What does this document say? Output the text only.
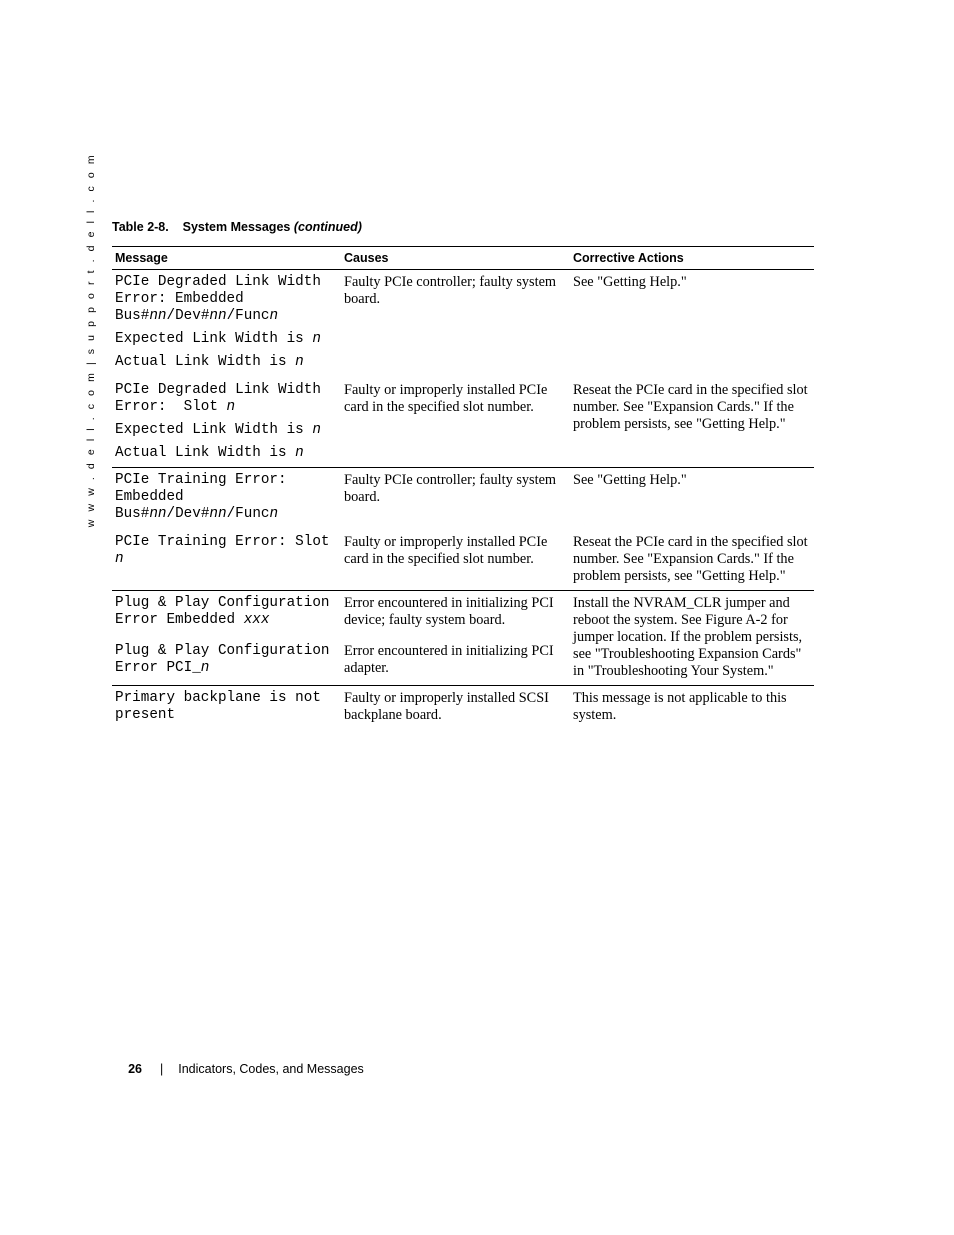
w w w . d e l l . c o m | s u p p o r t . d e l l . c o m Table 2-8. System Messages (continued)
Message	Causes	Corrective Actions

PCIe Degraded Link Width Error: Embedded Bus#nn/Dev#nn/Funcn

Expected Link Width is n

Actual Link Width is n	Faulty PCIe controller; faulty system board.	See "Getting Help."

PCIe Degraded Link Width Error:  Slot n

Expected Link Width is n

Actual Link Width is n	Faulty or improperly installed PCIe card in the specified slot number.	Reseat the PCIe card in the specified slot number. See "Expansion Cards." If the problem persists, see "Getting Help."

PCIe Training Error: Embedded Bus#nn/Dev#nn/Funcn	Faulty PCIe controller; faulty system board.	See "Getting Help."

PCIe Training Error: Slot n	Faulty or improperly installed PCIe card in the specified slot number.	Reseat the PCIe card in the specified slot number. See "Expansion Cards." If the problem persists, see "Getting Help."

Plug & Play Configuration Error Embedded xxx	Error encountered in initializing PCI device; faulty system board.	Install the NVRAM_CLR jumper and reboot the system. See Figure A-2 for jumper location. If the problem persists, see "Troubleshooting Expansion Cards" in "Troubleshooting Your System."

Plug & Play Configuration Error PCI_n	Error encountered in initializing PCI adapter.	

Primary backplane is not present	Faulty or improperly installed SCSI backplane board.	This message is not applicable to this system.
26 | Indicators, Codes, and Messages
